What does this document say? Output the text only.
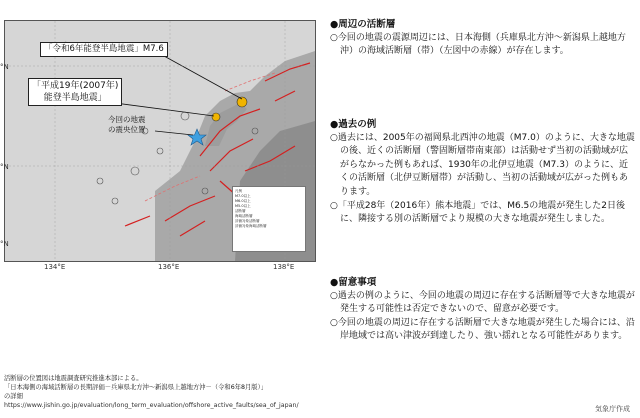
°N
°N
°N
134°E	136°E	138°E
「令和6年能登半島地震」M7.6
「平成19年(2007年)
能登半島地震」
今回の地震
の震央位置
凡例
M7.0以上
M6.0以上
M5.0以上
活断層
海域活断層
評価対象活断層
評価対象海域活断層
活断層の位置図は地震調査研究推進本部による。
「日本海側の海域活断層の長期評価－兵庫県北方沖～新潟県上越地方沖－（令和6年8月版）」
の詳細
https://www.jishin.go.jp/evaluation/long_term_evaluation/offshore_active_faults/sea_of_japan/
●周辺の活断層
○今回の地震の震源周辺には、日本海側（兵庫県北方沖～新潟県上越地方沖）の海域活断層（帯）（左図中の赤線）が存在します。
●過去の例
○過去には、2005年の福岡県北西沖の地震（M7.0）のように、大きな地震の後、近くの活断層（警固断層帯南東部）は活動せず当初の活動域が広がらなかった例もあれば、1930年の北伊豆地震（M7.3）のように、近くの活断層（北伊豆断層帯）が活動し、当初の活動域が広がった例もあります。
○「平成28年（2016年）熊本地震」では、M6.5の地震が発生した2日後に、隣接する別の活断層でより規模の大きな地震が発生しました。
●留意事項
○過去の例のように、今回の地震の周辺に存在する活断層等で大きな地震が発生する可能性は否定できないので、留意が必要です。
○今回の地震の周辺に存在する活断層で大きな地震が発生した場合には、沿岸地域では高い津波が到達したり、強い揺れとなる可能性があります。
気象庁作成
